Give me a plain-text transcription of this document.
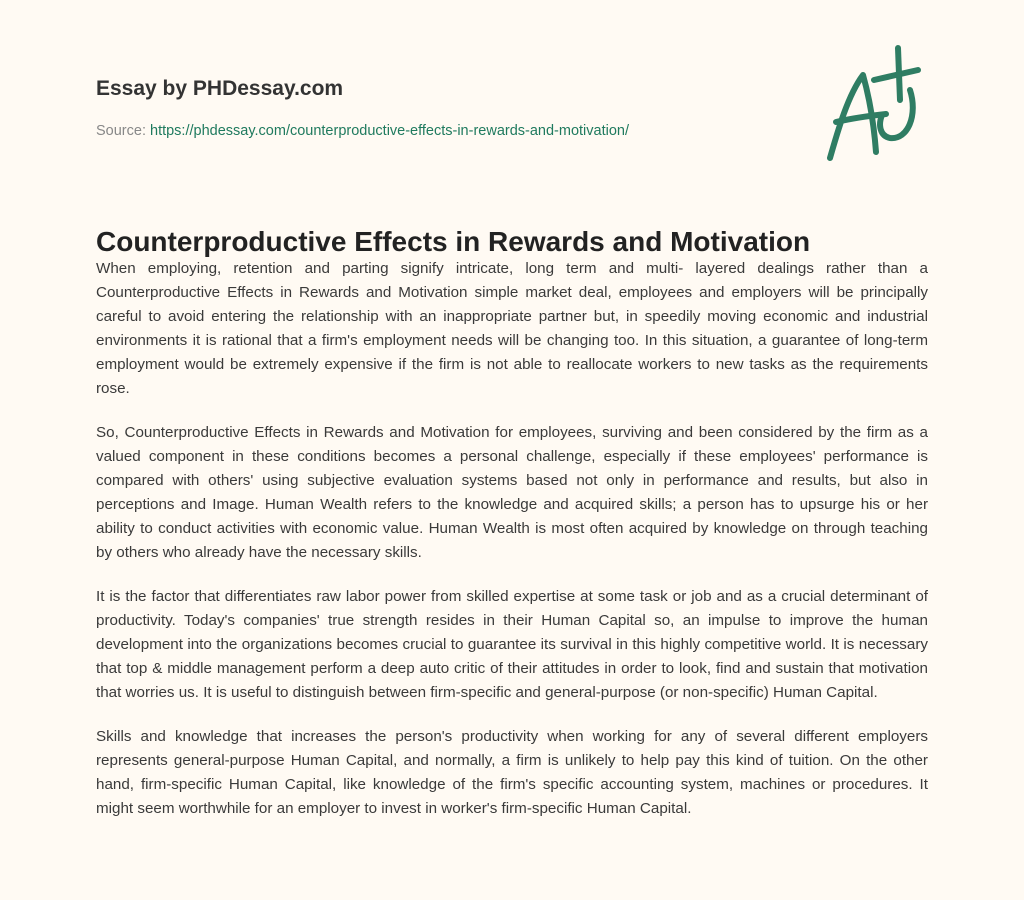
Essay by PHDessay.com
Source: https://phdessay.com/counterproductive-effects-in-rewards-and-motivation/
Counterproductive Effects in Rewards and Motivation

When employing, retention and parting signify intricate, long term and multi- layered dealings rather than a Counterproductive Effects in Rewards and Motivation simple market deal, employees and employers will be principally careful to avoid entering the relationship with an inappropriate partner but, in speedily moving economic and industrial environments it is rational that a firm's employment needs will be changing too. In this situation, a guarantee of long-term employment would be extremely expensive if the firm is not able to reallocate workers to new tasks as the requirements rose.

So, Counterproductive Effects in Rewards and Motivation for employees, surviving and been considered by the firm as a valued component in these conditions becomes a personal challenge, especially if these employees' performance is compared with others' using subjective evaluation systems based not only in performance and results, but also in perceptions and Image. Human Wealth refers to the knowledge and acquired skills; a person has to upsurge his or her ability to conduct activities with economic value. Human Wealth is most often acquired by knowledge on through teaching by others who already have the necessary skills.

It is the factor that differentiates raw labor power from skilled expertise at some task or job and as a crucial determinant of productivity. Today's companies' true strength resides in their Human Capital so, an impulse to improve the human development into the organizations becomes crucial to guarantee its survival in this highly competitive world. It is necessary that top & middle management perform a deep auto critic of their attitudes in order to look, find and sustain that motivation that worries us. It is useful to distinguish between firm-specific and general-purpose (or non-specific) Human Capital.

Skills and knowledge that increases the person's productivity when working for any of several different employers represents general-purpose Human Capital, and normally, a firm is unlikely to help pay this kind of tuition. On the other hand, firm-specific Human Capital, like knowledge of the firm's specific accounting system, machines or procedures. It might seem worthwhile for an employer to invest in worker's firm-specific Human Capital.
